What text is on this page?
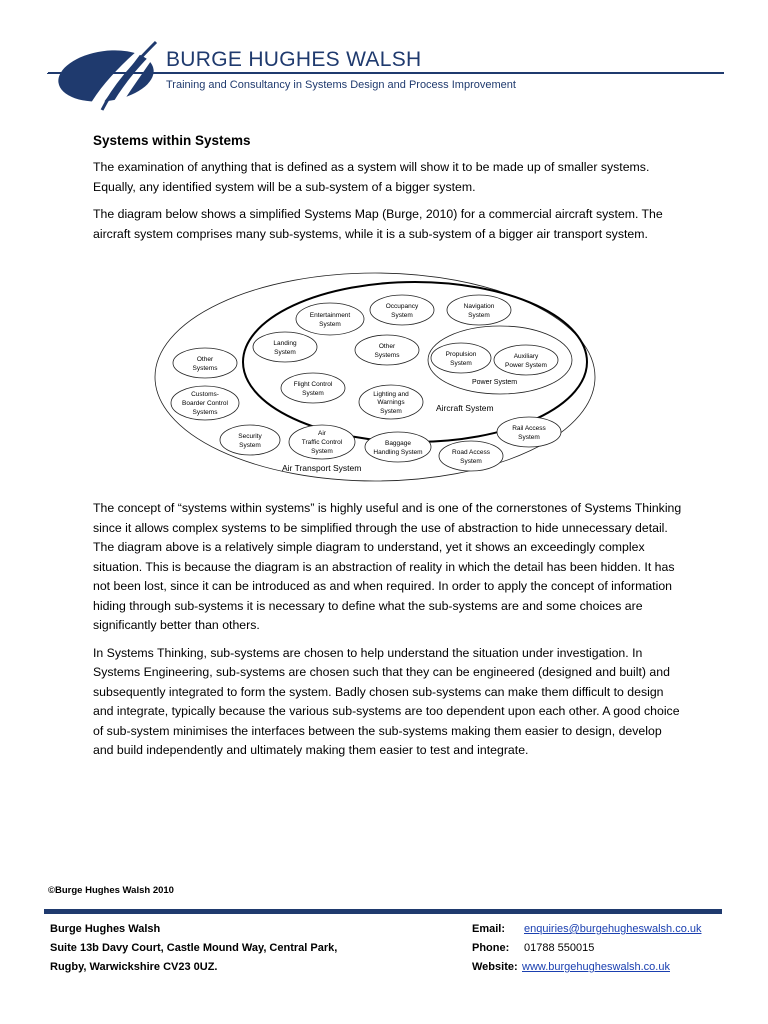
BURGE HUGHES WALSH
Training and Consultancy in Systems Design and Process Improvement
Systems within Systems

The examination of anything that is defined as a system will show it to be made up of smaller systems. Equally, any identified system will be a sub-system of a bigger system.

The diagram below shows a simplified Systems Map (Burge, 2010) for a commercial aircraft system. The aircraft system comprises many sub-systems, while it is a sub-system of a bigger air transport system.

Air Transport System
Aircraft System
Power System
Entertainment
System
Occupancy
System
Navigation
System
Landing
System
Other
Systems	Propulsion
System
Auxiliary
Power System
Flight Control
System	Lighting and
Warnings
System
Other
Systems
Customs-
Boarder Control
Systems
Security
System
Air
Traffic Control
System
Baggage
Handling System	Road Access
System
Rail Access
System

The concept of “systems within systems” is highly useful and is one of the cornerstones of Systems Thinking since it allows complex systems to be simplified through the use of abstraction to hide unnecessary detail. The diagram above is a relatively simple diagram to understand, yet it shows an exceedingly complex situation. This is because the diagram is an abstraction of reality in which the detail has been hidden. It has not been lost, since it can be introduced as and when required. In order to apply the concept of information hiding through sub-systems it is necessary to define what the sub-systems are and some choices are significantly better than others.

In Systems Thinking, sub-systems are chosen to help understand the situation under investigation. In Systems Engineering, sub-systems are chosen such that they can be engineered (designed and built) and subsequently integrated to form the system. Badly chosen sub-systems can make them difficult to design and integrate, typically because the various sub-systems are too dependent upon each other. A good choice of sub-system minimises the interfaces between the sub-systems making them easier to design, develop and build independently and ultimately making them easier to test and integrate.

©Burge Hughes Walsh 2010
Burge Hughes Walsh
Suite 13b Davy Court, Castle Mound Way, Central Park,
Rugby, Warwickshire CV23 0UZ.
Email: enquiries@burgehugheswalsh.co.uk
Phone: 01788 550015
Website: www.burgehugheswalsh.co.uk
